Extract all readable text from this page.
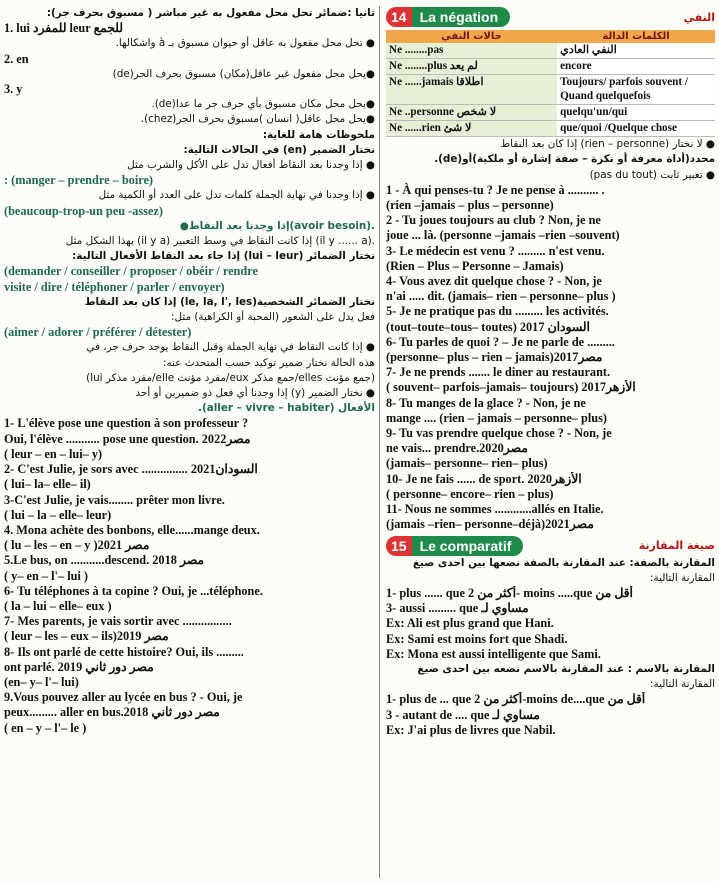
ثانيا :ضمائر تحل محل مفعول به غير مباشر ( مسبوق بحرف جر):
1. lui للمفرد leur للجمع
● تحل محل مفعول به عاقل أو حيوان مسبوق بـ à واشكالها.
2. en
●يحل محل مفعول غير عاقل(مكان) مسبوق بحرف الجر(de)
3. y
●يحل محل مكان مسبوق بأي حرف جر ما عدا(de).
●يحل محل عاقل( انسان )مسبوق بحرف الجر(chez).
ملحوظات هامة للغاية:
نختار الضمير (en) في الحالات التالية:
● إذا وجدنا بعد النقاط أفعال تدل على الأكل والشرب مثل
: (manger – prendre – boire)
● إذا وجدنا في نهاية الجملة كلمات تدل على العدد أو الكمية مثل
(beaucoup-trop-un peu -assez)
.(avoir besoin)إذا وجدنا بعد النقاط●
.(il y ...... a) إذا كانت النقاط في وسط التعبير (il y a) يهذا الشكل مثل
نختار الضمائر (lui – leur) إذا جاء بعد النقاط الأفعال التالية:
(demander / conseiller / proposer / obéir / rendre
visite / dire / téléphoner / parler / envoyer)
نختار الضمائر الشخصية(le, la, l', les) إذا كان بعد النقاط
فعل يدل على الشعور (المحبة أو الكراهية) مثل:
(aimer / adorer / préférer / détester)
● إذا كانت النقاط في نهاية الجملة وقبل النقاط يوجد حرف جر، في
هذه الحالة نختار ضمير توكيد حسب المتحدث عنه:
(جمع مؤنث elles/جمع مذكر eux/مفرد مؤنث elle/مفرد مذكر lui)
● نختار الضمير (y) إذا وجدنا أي فعل ذو ضميرين أو أحد
الأفعال (aller – vivre – habiter).
1- L'élève pose une question à son professeur ?
Oui, l'élève ........... pose une question. 2022مصر
( leur – en – lui– y)
2- C'est Julie, je sors avec ............... السودان2021
( lui– la– elle– il)
3-C'est Julie, je vais........ prêter mon livre.
( lui – la – elle– leur)
4. Mona achète des bonbons, elle......mange deux.
( lu – les – en – y )2021 مصر
5.Le bus, on ...........descend. 2018 مصر
( y– en – l'– lui )
6- Tu téléphones à ta copine ? Oui, je ...téléphone.
( la – lui – elle– eux )
7- Mes parents, je vais sortir avec ................
( leur – les – eux – ils)2019 مصر
8- Ils ont parlé de cette histoire? Oui, ils .........
ont parlé. 2019 مصر دور ثاني
(en– y– l'– lui)
9.Vous pouvez aller au lycée en bus ? - Oui, je
peux......... aller en bus.2018 مصر دور ثاني
( en – y – l'– le )
14 La négation	النفي
حالات النفي	الكلمات الدالة
Ne ........pas	النفي العادي
Ne ........plus لم يعد	encore
Ne ......jamais اطلاقا	Toujours/ parfois souvent / Quand quelquefois
Ne ..personne لا شخص	quelqu'un/qui
Ne ......rien لا شئ	que/quoi /Quelque chose
● لا نختار (rien – personne) إذا كان بعد النقاط
محدد(أداة معرفة أو نكرة – صفة إشارة أو ملكية)أو(de).
● تعبير ثابت (pas du tout)
1 - À qui penses-tu ? Je ne pense à .......... .
(rien –jamais – plus – personne)
2 - Tu joues toujours au club ? Non, je ne
joue ... là. (personne –jamais –rien –souvent)
3- Le médecin est venu ? ......... n'est venu.
(Rien – Plus – Personne – Jamais)
4- Vous avez dit quelque chose ? - Non, je
n'ai ..... dit. (jamais– rien – personne– plus )
5- Je ne pratique pas du ......... les activités.
(tout–toute–tous– toutes) 2017 السودان
6- Tu parles de quoi ? – Je ne parle de .........
(personne– plus – rien – jamais)2017مصر
7- Je ne prends ....... le diner au restaurant.
( souvent– parfois–jamais– toujours) الأزهر2017
8- Tu manges de la glace ? - Non, je ne
mange .... (rien – jamais – personne– plus)
9- Tu vas prendre quelque chose ? - Non, je
ne vais... prendre.2020مصر
(jamais– personne– rien– plus)
10- Je ne fais ...... de sport. 2020الأزهر
( personne– encore– rien – plus)
11- Nous ne sommes ............allés en Italie.
(jamais –rien– personne–déjà)2021مصر
15 Le comparatif	صيغة المقارنة
المقارنة بالصفة: عند المقارنة بالصفة نضعها بين احدى صيغ
المقارنة التالية:
1- plus ...... que أكثر من 2- moins .....que أقل من
3- aussi ......... que مساوي لـ
Ex: Ali est plus grand que Hani.
Ex: Sami est moins fort que Shadi.
Ex: Mona est aussi intelligente que Sami.
المقارنة بالاسم : عند المقارنة بالاسم نضعه بين احدى صيغ
المقارنة التالية:
1- plus de ... que أكثر من 2-moins de....que أقل من
3 - autant de .... que مساوي لـ
Ex: J'ai plus de livres que Nabil.
